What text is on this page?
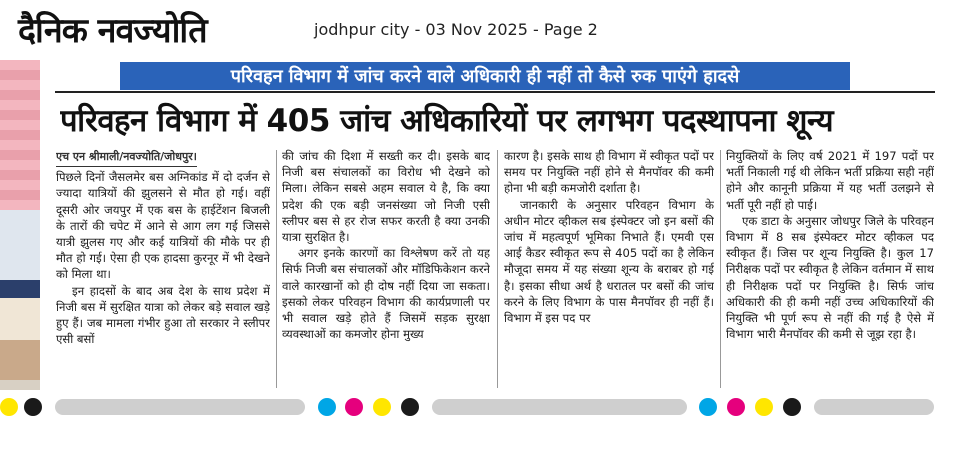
दैनिक नवज्योति	jodhpur city - 03 Nov 2025 - Page 2
परिवहन विभाग में जांच करने वाले अधिकारी ही नहीं तो कैसे रुक पाएंगे हादसे
परिवहन विभाग में 405 जांच अधिकारियों पर लगभग पदस्थापना शून्य
एच एन श्रीमाली/नवज्योति/जोधपुर।

पिछले दिनों जैसलमेर बस अग्निकांड में दो दर्जन से ज्यादा यात्रियों की झुलसने से मौत हो गई। वहीं दूसरी ओर जयपुर में एक बस के हाईटेंशन बिजली के तारों की चपेट में आने से आग लग गई जिससे यात्री झुलस गए और कई यात्रियों की मौके पर ही मौत हो गई। ऐसा ही एक हादसा कुरनूर में भी देखने को मिला था।

इन हादसों के बाद अब देश के साथ प्रदेश में निजी बस में सुरक्षित यात्रा को लेकर बड़े सवाल खड़े हुए हैं। जब मामला गंभीर हुआ तो सरकार ने स्लीपर एसी बसों

की जांच की दिशा में सख्ती कर दी। इसके बाद निजी बस संचालकों का विरोध भी देखने को मिला। लेकिन सबसे अहम सवाल ये है, कि क्या प्रदेश की एक बड़ी जनसंख्या जो निजी एसी स्लीपर बस से हर रोज सफर करती है क्या उनकी यात्रा सुरक्षित है।

अगर इनके कारणों का विश्लेषण करें तो यह सिर्फ निजी बस संचालकों और मॉडिफिकेशन करने वाले कारखानों को ही दोष नहीं दिया जा सकता। इसको लेकर परिवहन विभाग की कार्यप्रणाली पर भी सवाल खड़े होते हैं जिसमें सड़क सुरक्षा व्यवस्थाओं का कमजोर होना मुख्य

कारण है। इसके साथ ही विभाग में स्वीकृत पदों पर समय पर नियुक्ति नहीं होने से मैनपॉवर की कमी होना भी बड़ी कमजोरी दर्शाता है।

जानकारी के अनुसार परिवहन विभाग के अधीन मोटर व्हीकल सब इंस्पेक्टर जो इन बसों की जांच में महत्वपूर्ण भूमिका निभाते हैं। एमवी एस आई कैडर स्वीकृत रूप से 405 पदों का है लेकिन मौजूदा समय में यह संख्या शून्य के बराबर हो गई है। इसका सीधा अर्थ है धरातल पर बसों की जांच करने के लिए विभाग के पास मैनपॉवर ही नहीं हैं। विभाग में इस पद पर

नियुक्तियों के लिए वर्ष 2021 में 197 पदों पर भर्ती निकाली गई थी लेकिन भर्ती प्रक्रिया सही नहीं होने और कानूनी प्रक्रिया में यह भर्ती उलझने से भर्ती पूरी नहीं हो पाई।

एक डाटा के अनुसार जोधपुर जिले के परिवहन विभाग में 8 सब इंस्पेक्टर मोटर व्हीकल पद स्वीकृत हैं। जिस पर शून्य नियुक्ति है। कुल 17 निरीक्षक पदों पर स्वीकृत है लेकिन वर्तमान में साथ ही निरीक्षक पदों पर नियुक्ति है। सिर्फ जांच अधिकारी की ही कमी नहीं उच्च अधिकारियों की नियुक्ति भी पूर्ण रूप से नहीं की गई है ऐसे में विभाग भारी मैनपॉवर की कमी से जूझ रहा है।
